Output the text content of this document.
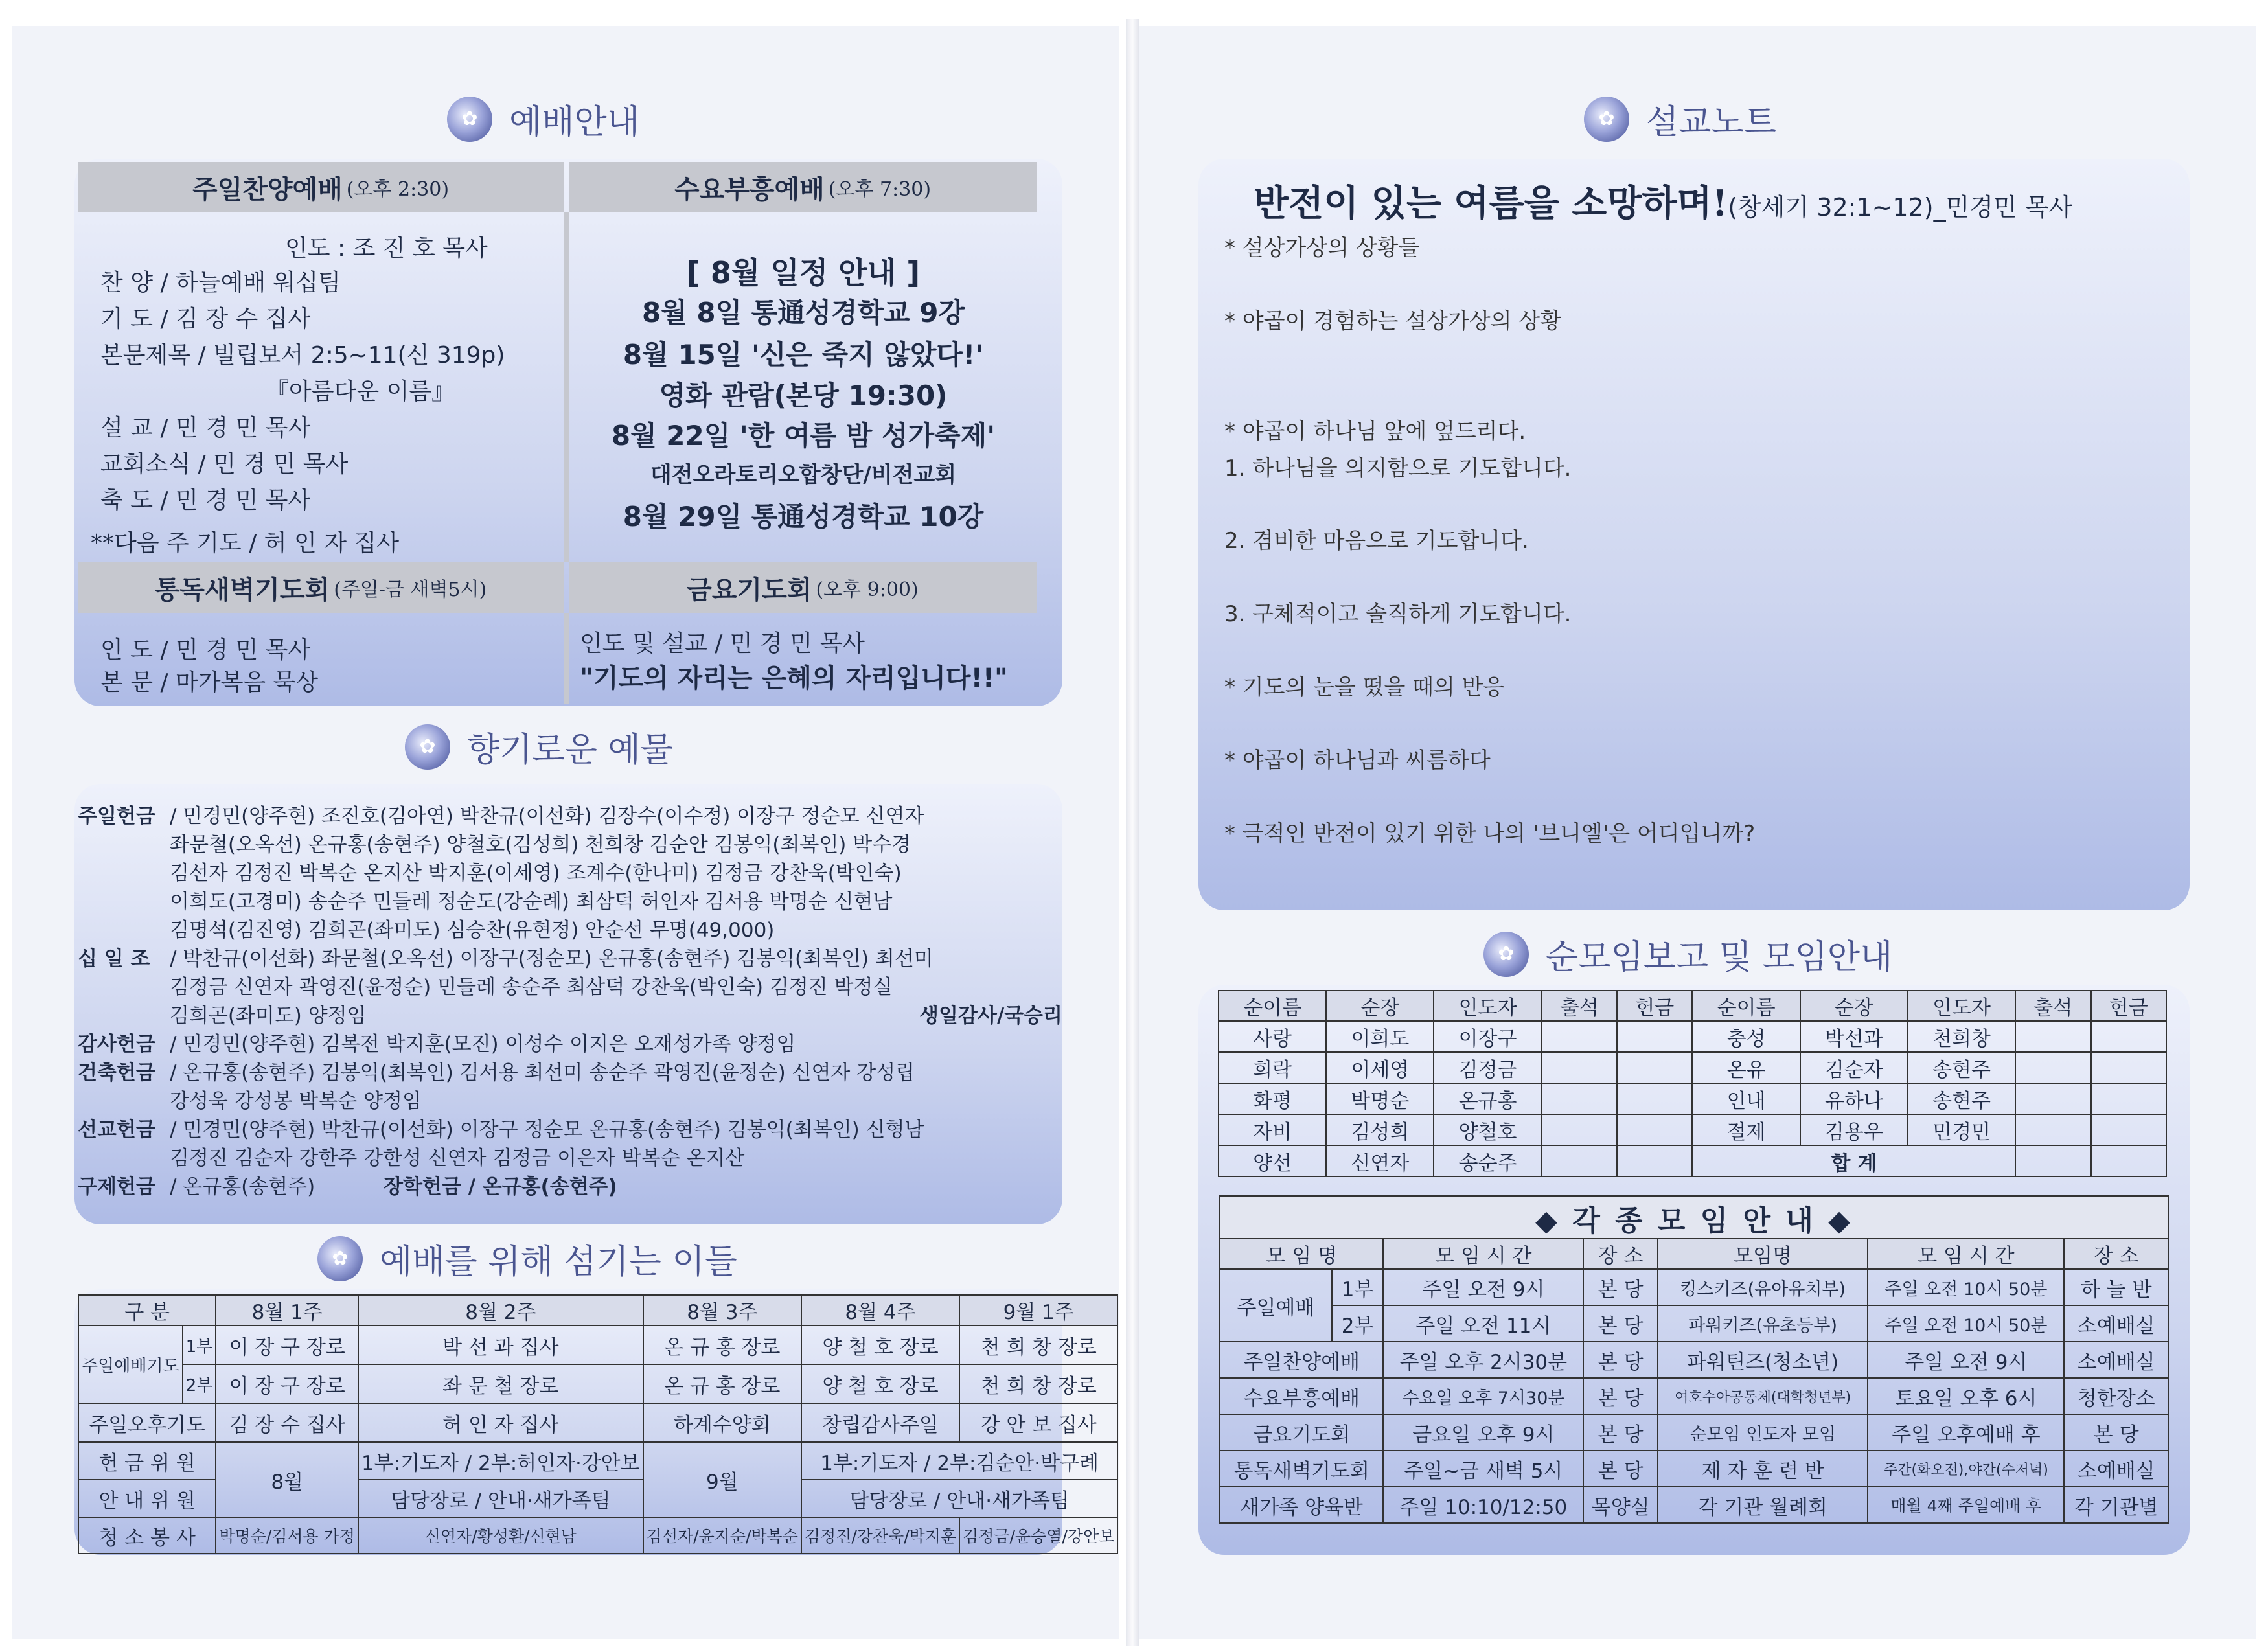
✿ 예배안내
주일찬양예배 (오후 2:30)	수요부흥예배 (오후 7:30)
인도 : 조 진 호 목사
찬 양 / 하늘예배 워십팀
기 도 / 김 장 수 집사
본문제목 / 빌립보서 2:5~11(신 319p)
『아름다운 이름』
설 교 / 민 경 민 목사
교회소식 / 민 경 민 목사
축 도 / 민 경 민 목사
**다음 주 기도 / 허 인 자 집사
[ 8월 일정 안내 ]
8월 8일 통通성경학교 9강
8월 15일 '신은 죽지 않았다!'
영화 관람(본당 19:30)
8월 22일 '한 여름 밤 성가축제'
대전오라토리오합창단/비전교회
8월 29일 통通성경학교 10강
통독새벽기도회 (주일-금 새벽5시)	금요기도회 (오후 9:00)
인 도 / 민 경 민 목사
본 문 / 마가복음 묵상
인도 및 설교 / 민 경 민 목사
"기도의 자리는 은혜의 자리입니다!!"
✿ 향기로운 예물
주일헌금 / 민경민(양주현) 조진호(김아연) 박찬규(이선화) 김장수(이수정) 이장구 정순모 신연자
좌문철(오옥선) 온규홍(송현주) 양철호(김성희) 천희창 김순안 김봉익(최복인) 박수경
김선자 김정진 박복순 온지산 박지훈(이세영) 조계수(한나미) 김정금 강찬욱(박인숙)
이희도(고경미) 송순주 민들레 정순도(강순례) 최삼덕 허인자 김서용 박명순 신현남
김명석(김진영) 김희곤(좌미도) 심승찬(유현정) 안순선 무명(49,000)
십 일 조 / 박찬규(이선화) 좌문철(오옥선) 이장구(정순모) 온규홍(송현주) 김봉익(최복인) 최선미
김정금 신연자 곽영진(윤정순) 민들레 송순주 최삼덕 강찬욱(박인숙) 김정진 박정실
김희곤(좌미도) 양정임	생일감사/국승리
감사헌금 / 민경민(양주현) 김복전 박지훈(모진) 이성수 이지은 오재성가족 양정임
건축헌금 / 온규홍(송현주) 김봉익(최복인) 김서용 최선미 송순주 곽영진(윤정순) 신연자 강성립
강성욱 강성봉 박복순 양정임
선교헌금 / 민경민(양주현) 박찬규(이선화) 이장구 정순모 온규홍(송현주) 김봉익(최복인) 신형남
김정진 김순자 강한주 강한성 신연자 김정금 이은자 박복순 온지산
구제헌금 / 온규홍(송현주)	장학헌금 / 온규홍(송현주)
✿ 예배를 위해 섬기는 이들
구 분		8월 1주	8월 2주	8월 3주	8월 4주	9월 1주
주일예배기도	1부	이 장 구 장로	박 선 과 집사	온 규 홍 장로	양 철 호 장로	천 희 창 장로
	2부	이 장 구 장로	좌 문 철 장로	온 규 홍 장로	양 철 호 장로	천 희 창 장로
주일오후기도		김 장 수 집사	허 인 자 집사	하계수양회	창립감사주일	강 안 보 집사
헌 금 위 원		8월	1부:기도자 / 2부:허인자·강안보	9월	1부:기도자 / 2부:김순안·박구례	
안 내 위 원			담당장로 / 안내·새가족팀		담당장로 / 안내·새가족팀	
청 소 봉 사		박명순/김서용 가정	신연자/황성환/신현남	김선자/윤지순/박복순	김정진/강찬욱/박지훈	김정금/윤승열/강안보
✿ 설교노트
반전이 있는 여름을 소망하며!(창세기 32:1~12)_민경민 목사
* 설상가상의 상황들
* 야곱이 경험하는 설상가상의 상황
* 야곱이 하나님 앞에 엎드리다.
1. 하나님을 의지함으로 기도합니다.
2. 겸비한 마음으로 기도합니다.
3. 구체적이고 솔직하게 기도합니다.
* 기도의 눈을 떴을 때의 반응
* 야곱이 하나님과 씨름하다
* 극적인 반전이 있기 위한 나의 '브니엘'은 어디입니까?
✿ 순모임보고 및 모임안내
순이름	순장	인도자	출석	헌금	순이름	순장	인도자	출석	헌금
사랑	이희도	이장구			충성	박선과	천희창		
희락	이세영	김정금			온유	김순자	송현주		
화평	박명순	온규홍			인내	유하나	송현주		
자비	김성희	양철호			절제	김용우	민경민		
양선	신연자	송순주			합 계				
◆ 각 종 모 임 안 내 ◆
모 임 명		모 임 시 간	장 소	모임명	모 임 시 간	장 소
주일예배	1부	주일 오전 9시	본 당	킹스키즈(유아유치부)	주일 오전 10시 50분	하 늘 반
	2부	주일 오전 11시	본 당	파워키즈(유초등부)	주일 오전 10시 50분	소예배실
주일찬양예배		주일 오후 2시30분	본 당	파워틴즈(청소년)	주일 오전 9시	소예배실
수요부흥예배		수요일 오후 7시30분	본 당	여호수아공동체(대학청년부)	토요일 오후 6시	청한장소
금요기도회		금요일 오후 9시	본 당	순모임 인도자 모임	주일 오후예배 후	본 당
통독새벽기도회		주일~금 새벽 5시	본 당	제 자 훈 련 반	주간(화오전),야간(수저녁)	소예배실
새가족 양육반		주일 10:10/12:50	목양실	각 기관 월례회	매월 4째 주일예배 후	각 기관별
